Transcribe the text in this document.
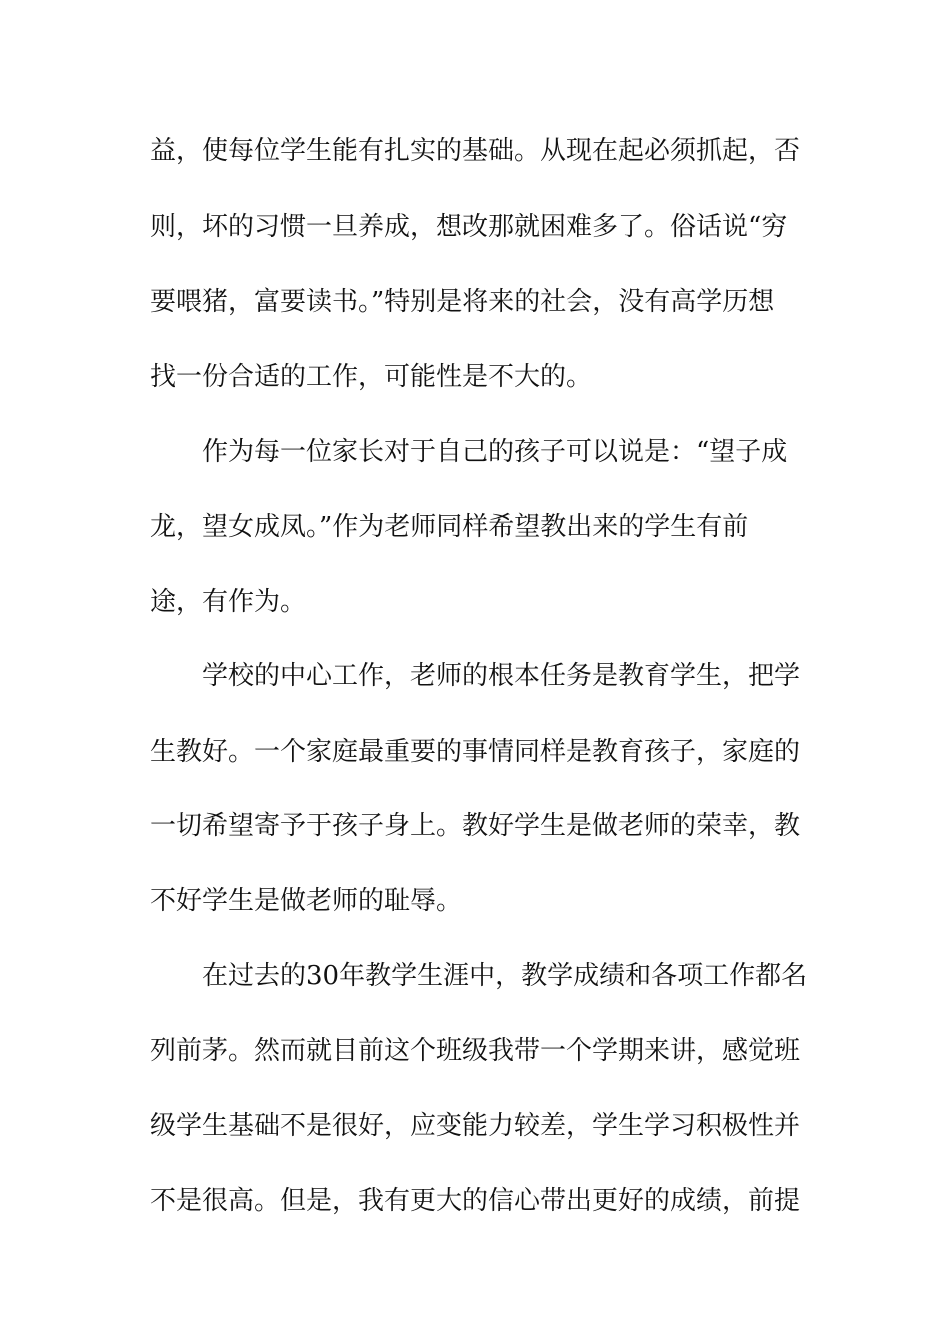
益，使每位学生能有扎实的基础。从现在起必须抓起，否
则，坏的习惯一旦养成，想改那就困难多了。俗话说“穷
要喂猪，富要读书。”特别是将来的社会，没有高学历想
找一份合适的工作，可能性是不大的。
作为每一位家长对于自己的孩子可以说是：“望子成
龙，望女成凤。”作为老师同样希望教出来的学生有前
途，有作为。
学校的中心工作，老师的根本任务是教育学生，把学
生教好。一个家庭最重要的事情同样是教育孩子，家庭的
一切希望寄予于孩子身上。教好学生是做老师的荣幸，教
不好学生是做老师的耻辱。
在过去的30年教学生涯中，教学成绩和各项工作都名
列前茅。然而就目前这个班级我带一个学期来讲，感觉班
级学生基础不是很好，应变能力较差，学生学习积极性并
不是很高。但是，我有更大的信心带出更好的成绩，前提
